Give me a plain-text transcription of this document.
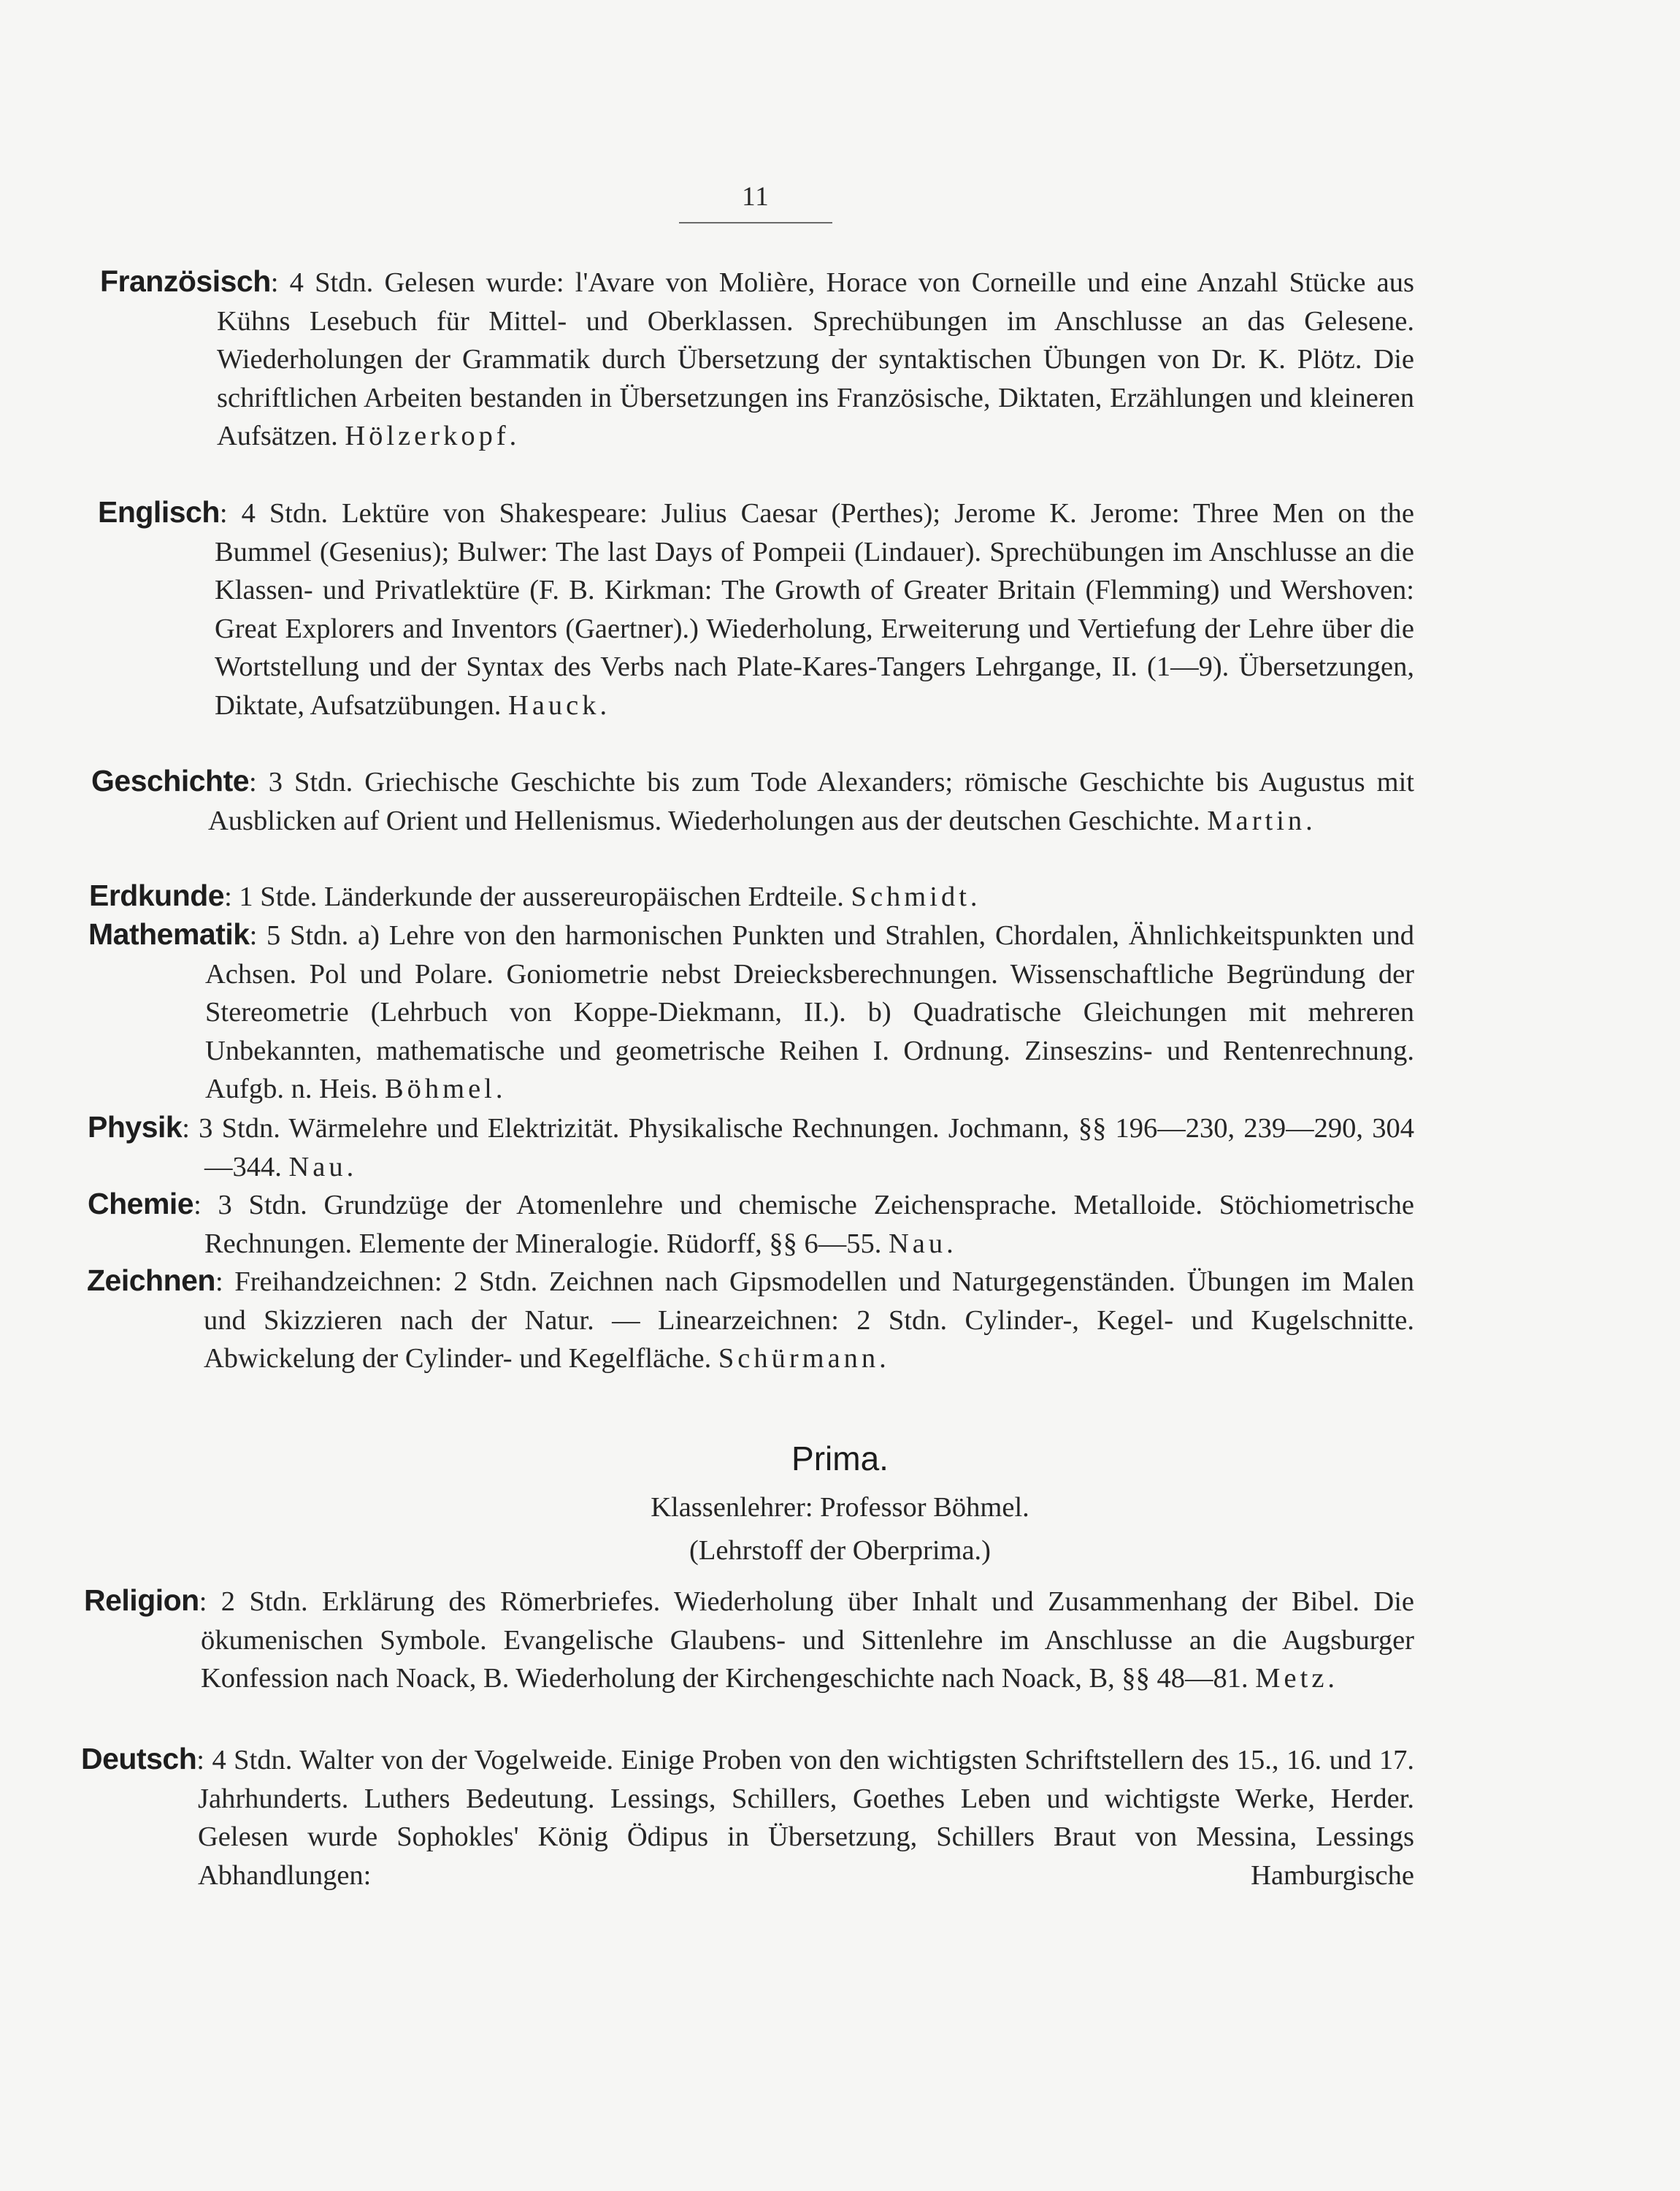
11
Französisch: 4 Stdn. Gelesen wurde: l'Avare von Molière, Horace von Corneille und eine Anzahl Stücke aus Kühns Lesebuch für Mittel- und Oberklassen. Sprechübungen im Anschlusse an das Gelesene. Wiederholungen der Grammatik durch Übersetzung der syntaktischen Übungen von Dr. K. Plötz. Die schriftlichen Arbeiten bestanden in Übersetzungen ins Französische, Diktaten, Erzählungen und kleineren Aufsätzen. Hölzerkopf.
Englisch: 4 Stdn. Lektüre von Shakespeare: Julius Caesar (Perthes); Jerome K. Jerome: Three Men on the Bummel (Gesenius); Bulwer: The last Days of Pompeii (Lindauer). Sprechübungen im Anschlusse an die Klassen- und Privatlektüre (F. B. Kirkman: The Growth of Greater Britain (Flemming) und Wershoven: Great Explorers and Inventors (Gaertner).) Wiederholung, Erweiterung und Vertiefung der Lehre über die Wortstellung und der Syntax des Verbs nach Plate-Kares-Tangers Lehrgange, II. (1—9). Übersetzungen, Diktate, Aufsatzübungen. Hauck.
Geschichte: 3 Stdn. Griechische Geschichte bis zum Tode Alexanders; römische Geschichte bis Augustus mit Ausblicken auf Orient und Hellenismus. Wiederholungen aus der deutschen Geschichte. Martin.
Erdkunde: 1 Stde. Länderkunde der aussereuropäischen Erdteile. Schmidt.
Mathematik: 5 Stdn. a) Lehre von den harmonischen Punkten und Strahlen, Chordalen, Ähnlichkeitspunkten und Achsen. Pol und Polare. Goniometrie nebst Dreiecksberechnungen. Wissenschaftliche Begründung der Stereometrie (Lehrbuch von Koppe-Diekmann, II.). b) Quadratische Gleichungen mit mehreren Unbekannten, mathematische und geometrische Reihen I. Ordnung. Zinseszins- und Rentenrechnung. Aufgb. n. Heis. Böhmel.
Physik: 3 Stdn. Wärmelehre und Elektrizität. Physikalische Rechnungen. Jochmann, §§ 196—230, 239—290, 304—344. Nau.
Chemie: 3 Stdn. Grundzüge der Atomenlehre und chemische Zeichensprache. Metalloide. Stöchiometrische Rechnungen. Elemente der Mineralogie. Rüdorff, §§ 6—55. Nau.
Zeichnen: Freihandzeichnen: 2 Stdn. Zeichnen nach Gipsmodellen und Naturgegenständen. Übungen im Malen und Skizzieren nach der Natur. — Linearzeichnen: 2 Stdn. Cylinder-, Kegel- und Kugelschnitte. Abwickelung der Cylinder- und Kegelfläche. Schürmann.
Prima.
Klassenlehrer: Professor Böhmel.
(Lehrstoff der Oberprima.)
Religion: 2 Stdn. Erklärung des Römerbriefes. Wiederholung über Inhalt und Zusammenhang der Bibel. Die ökumenischen Symbole. Evangelische Glaubens- und Sittenlehre im Anschlusse an die Augsburger Konfession nach Noack, B. Wiederholung der Kirchengeschichte nach Noack, B, §§ 48—81. Metz.
Deutsch: 4 Stdn. Walter von der Vogelweide. Einige Proben von den wichtigsten Schriftstellern des 15., 16. und 17. Jahrhunderts. Luthers Bedeutung. Lessings, Schillers, Goethes Leben und wichtigste Werke, Herder. Gelesen wurde Sophokles' König Ödipus in Übersetzung, Schillers Braut von Messina, Lessings Abhandlungen: Hamburgische
